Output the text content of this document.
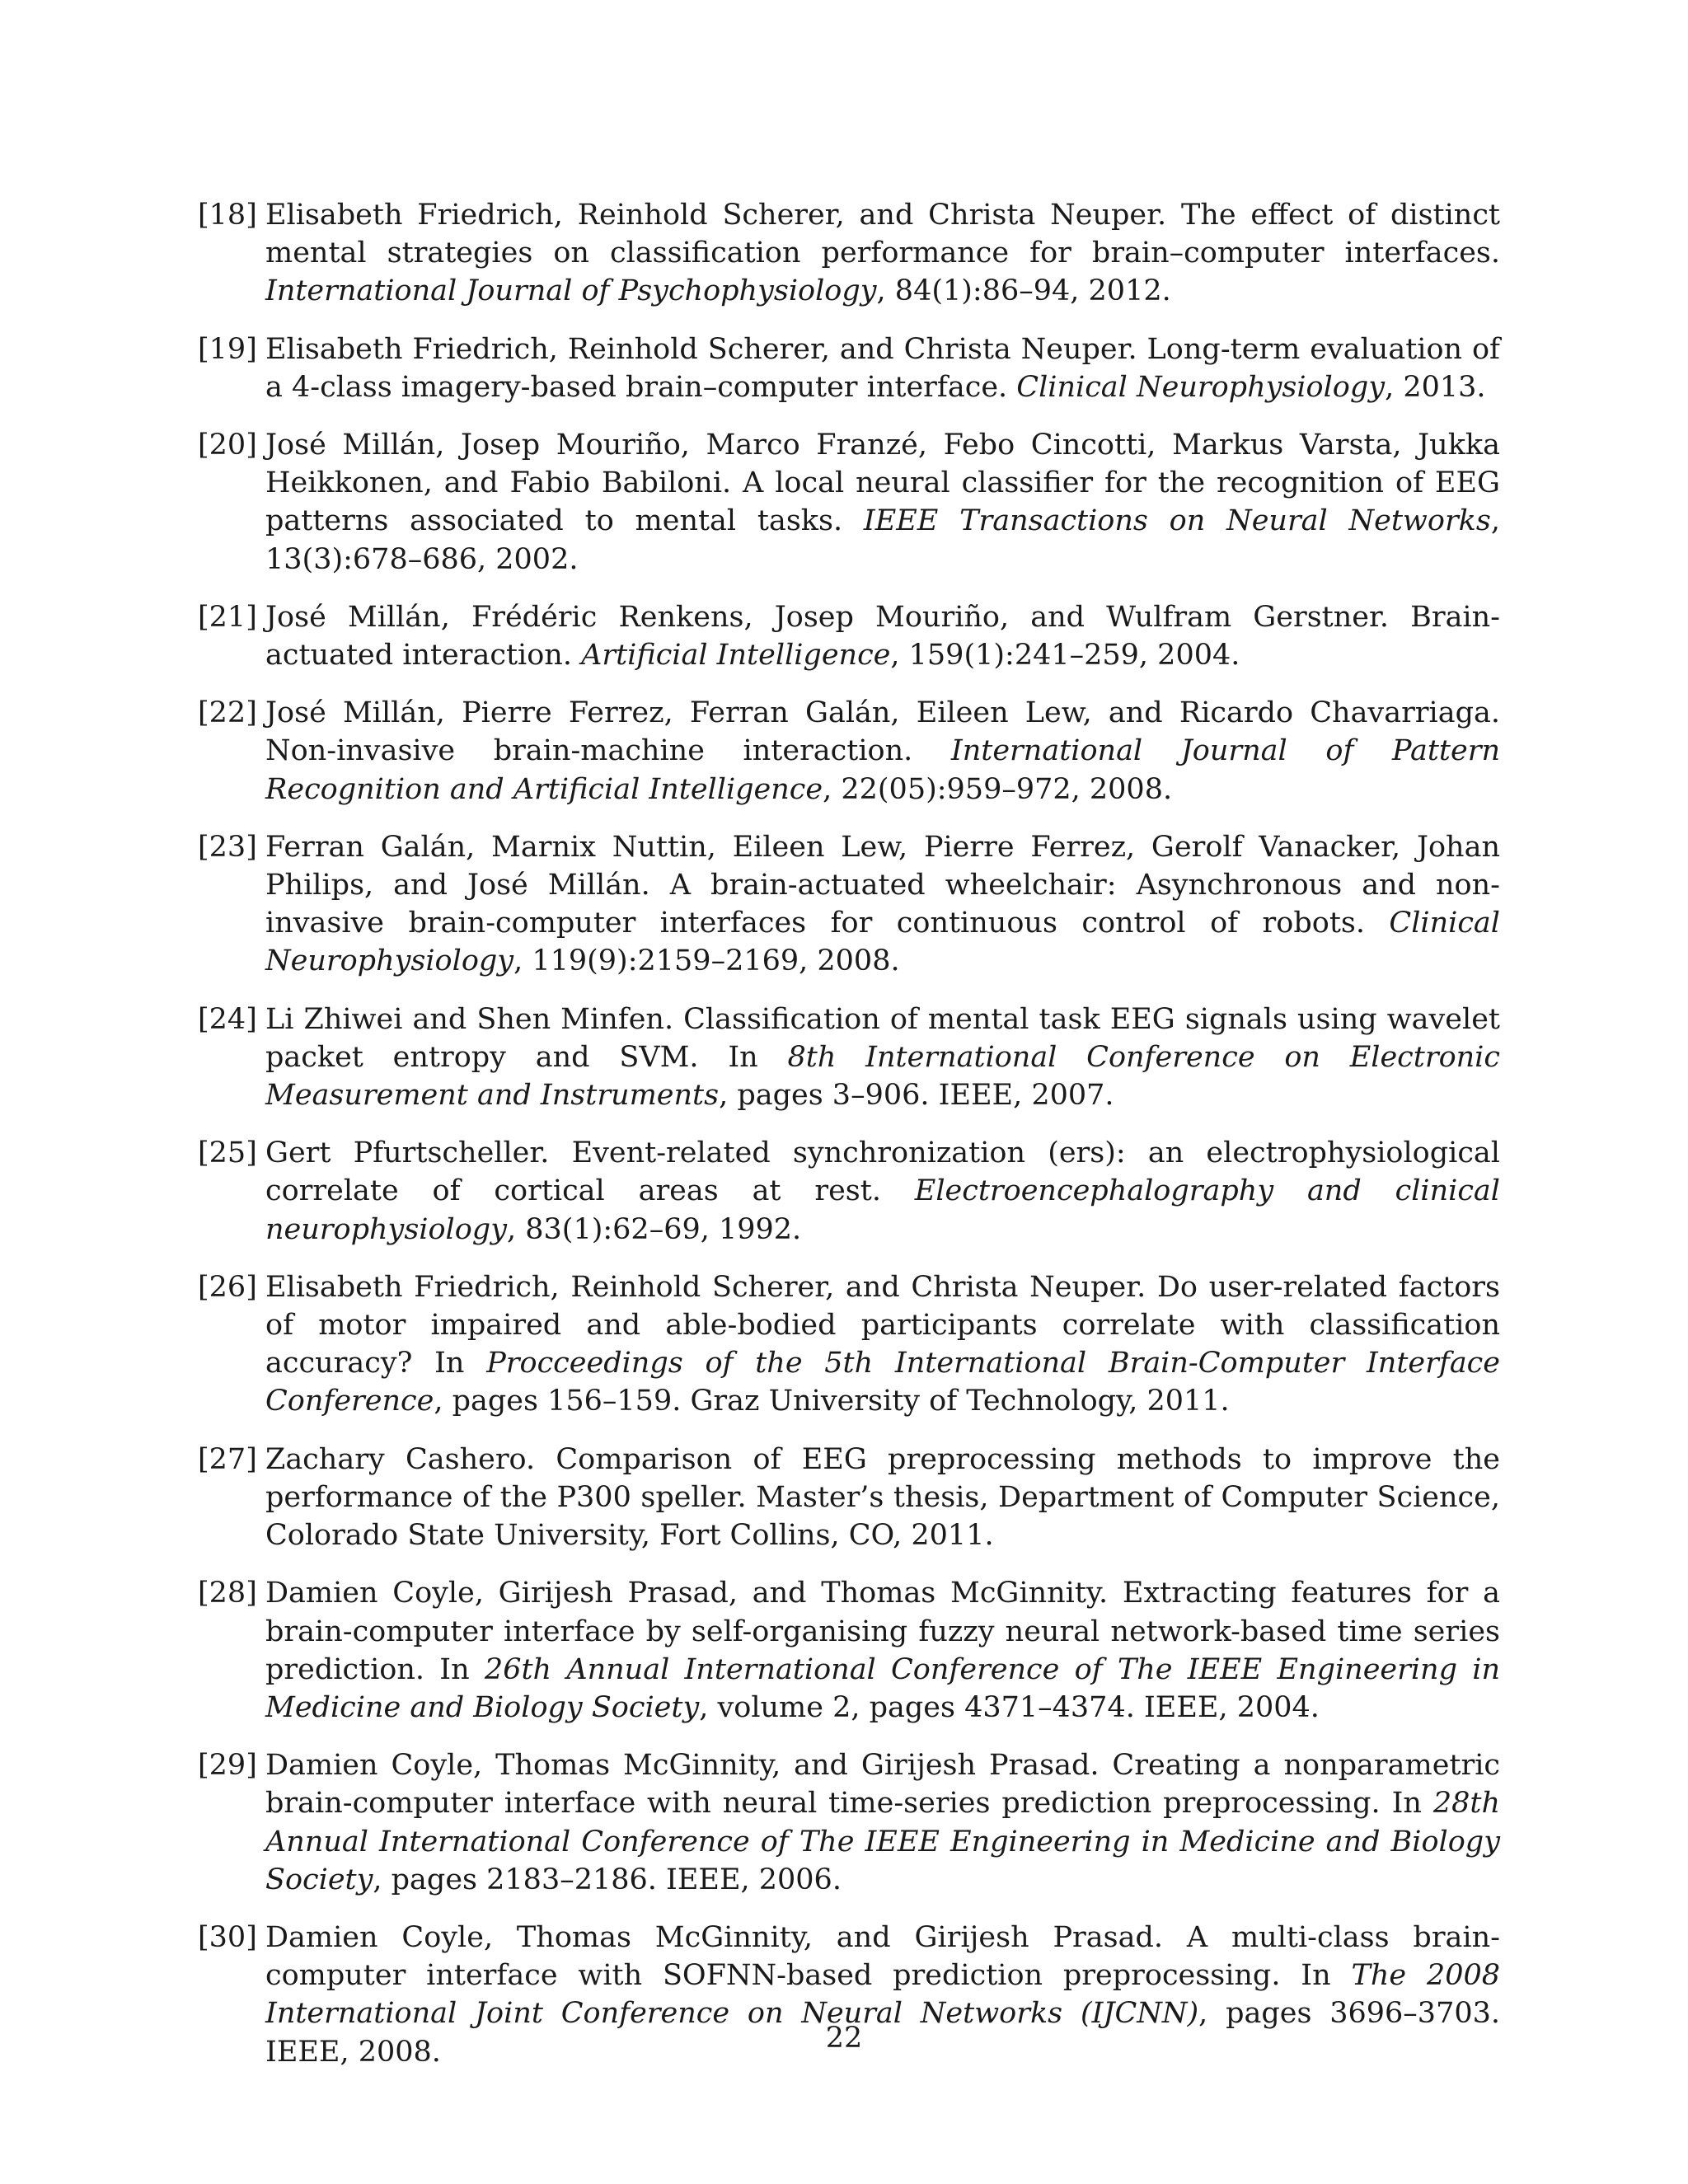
[18] Elisabeth Friedrich, Reinhold Scherer, and Christa Neuper. The effect of distinct mental strategies on classification performance for brain–computer interfaces. International Journal of Psychophysiology, 84(1):86–94, 2012.
[19] Elisabeth Friedrich, Reinhold Scherer, and Christa Neuper. Long-term evaluation of a 4-class imagery-based brain–computer interface. Clinical Neurophysiology, 2013.
[20] José Millán, Josep Mouriño, Marco Franzé, Febo Cincotti, Markus Varsta, Jukka Heikkonen, and Fabio Babiloni. A local neural classifier for the recognition of EEG patterns associated to mental tasks. IEEE Transactions on Neural Networks, 13(3):678–686, 2002.
[21] José Millán, Frédéric Renkens, Josep Mouriño, and Wulfram Gerstner. Brain-actuated interaction. Artificial Intelligence, 159(1):241–259, 2004.
[22] José Millán, Pierre Ferrez, Ferran Galán, Eileen Lew, and Ricardo Chavarriaga. Non-invasive brain-machine interaction. International Journal of Pattern Recognition and Artificial Intelligence, 22(05):959–972, 2008.
[23] Ferran Galán, Marnix Nuttin, Eileen Lew, Pierre Ferrez, Gerolf Vanacker, Johan Philips, and José Millán. A brain-actuated wheelchair: Asynchronous and non-invasive brain-computer interfaces for continuous control of robots. Clinical Neurophysiology, 119(9):2159–2169, 2008.
[24] Li Zhiwei and Shen Minfen. Classification of mental task EEG signals using wavelet packet entropy and SVM. In 8th International Conference on Electronic Measurement and Instruments, pages 3–906. IEEE, 2007.
[25] Gert Pfurtscheller. Event-related synchronization (ers): an electrophysiological correlate of cortical areas at rest. Electroencephalography and clinical neurophysiology, 83(1):62–69, 1992.
[26] Elisabeth Friedrich, Reinhold Scherer, and Christa Neuper. Do user-related factors of motor impaired and able-bodied participants correlate with classification accuracy? In Procceedings of the 5th International Brain-Computer Interface Conference, pages 156–159. Graz University of Technology, 2011.
[27] Zachary Cashero. Comparison of EEG preprocessing methods to improve the performance of the P300 speller. Master’s thesis, Department of Computer Science, Colorado State University, Fort Collins, CO, 2011.
[28] Damien Coyle, Girijesh Prasad, and Thomas McGinnity. Extracting features for a brain-computer interface by self-organising fuzzy neural network-based time series prediction. In 26th Annual International Conference of The IEEE Engineering in Medicine and Biology Society, volume 2, pages 4371–4374. IEEE, 2004.
[29] Damien Coyle, Thomas McGinnity, and Girijesh Prasad. Creating a nonparametric brain-computer interface with neural time-series prediction preprocessing. In 28th Annual International Conference of The IEEE Engineering in Medicine and Biology Society, pages 2183–2186. IEEE, 2006.
[30] Damien Coyle, Thomas McGinnity, and Girijesh Prasad. A multi-class brain-computer interface with SOFNN-based prediction preprocessing. In The 2008 International Joint Conference on Neural Networks (IJCNN), pages 3696–3703. IEEE, 2008.	22
